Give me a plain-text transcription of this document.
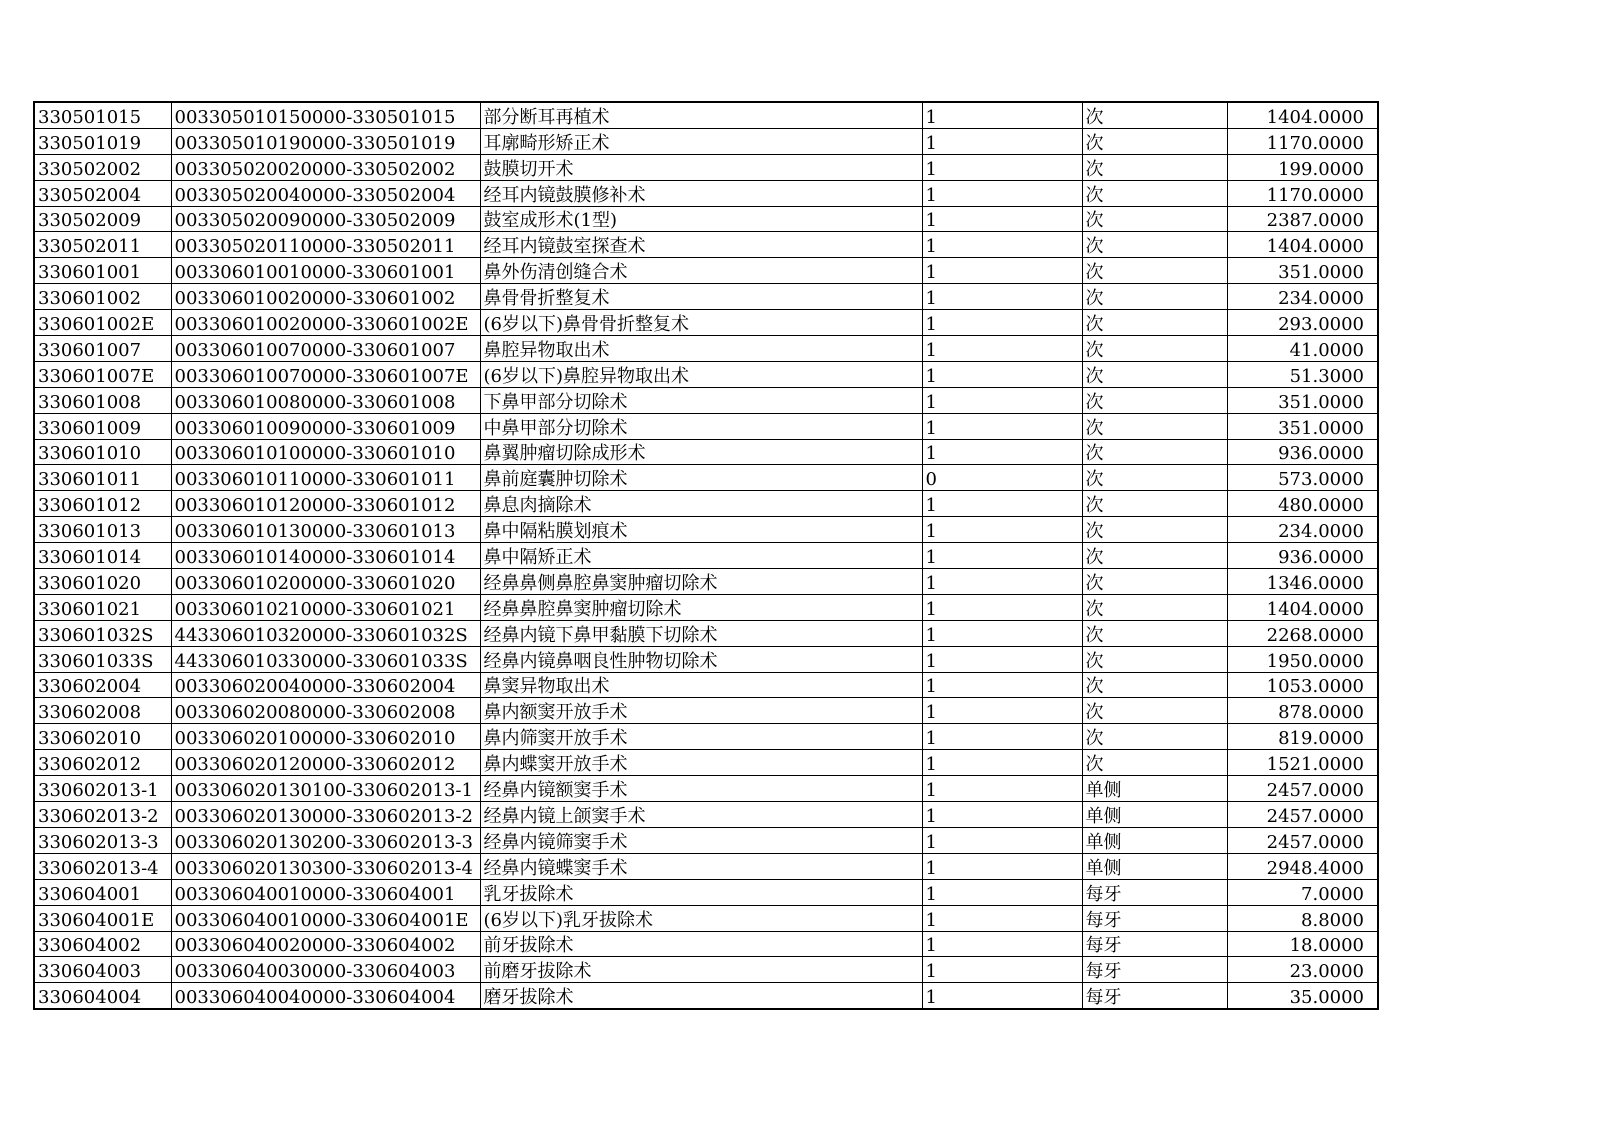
330501015	003305010150000-330501015	部分断耳再植术	1	次	1404.0000
330501019	003305010190000-330501019	耳廓畸形矫正术	1	次	1170.0000
330502002	003305020020000-330502002	鼓膜切开术	1	次	199.0000
330502004	003305020040000-330502004	经耳内镜鼓膜修补术	1	次	1170.0000
330502009	003305020090000-330502009	鼓室成形术(1型)	1	次	2387.0000
330502011	003305020110000-330502011	经耳内镜鼓室探查术	1	次	1404.0000
330601001	003306010010000-330601001	鼻外伤清创缝合术	1	次	351.0000
330601002	003306010020000-330601002	鼻骨骨折整复术	1	次	234.0000
330601002E	003306010020000-330601002E	(6岁以下)鼻骨骨折整复术	1	次	293.0000
330601007	003306010070000-330601007	鼻腔异物取出术	1	次	41.0000
330601007E	003306010070000-330601007E	(6岁以下)鼻腔异物取出术	1	次	51.3000
330601008	003306010080000-330601008	下鼻甲部分切除术	1	次	351.0000
330601009	003306010090000-330601009	中鼻甲部分切除术	1	次	351.0000
330601010	003306010100000-330601010	鼻翼肿瘤切除成形术	1	次	936.0000
330601011	003306010110000-330601011	鼻前庭囊肿切除术	0	次	573.0000
330601012	003306010120000-330601012	鼻息肉摘除术	1	次	480.0000
330601013	003306010130000-330601013	鼻中隔粘膜划痕术	1	次	234.0000
330601014	003306010140000-330601014	鼻中隔矫正术	1	次	936.0000
330601020	003306010200000-330601020	经鼻鼻侧鼻腔鼻窦肿瘤切除术	1	次	1346.0000
330601021	003306010210000-330601021	经鼻鼻腔鼻窦肿瘤切除术	1	次	1404.0000
330601032S	443306010320000-330601032S	经鼻内镜下鼻甲黏膜下切除术	1	次	2268.0000
330601033S	443306010330000-330601033S	经鼻内镜鼻咽良性肿物切除术	1	次	1950.0000
330602004	003306020040000-330602004	鼻窦异物取出术	1	次	1053.0000
330602008	003306020080000-330602008	鼻内额窦开放手术	1	次	878.0000
330602010	003306020100000-330602010	鼻内筛窦开放手术	1	次	819.0000
330602012	003306020120000-330602012	鼻内蝶窦开放手术	1	次	1521.0000
330602013-1	003306020130100-330602013-1	经鼻内镜额窦手术	1	单侧	2457.0000
330602013-2	003306020130000-330602013-2	经鼻内镜上颌窦手术	1	单侧	2457.0000
330602013-3	003306020130200-330602013-3	经鼻内镜筛窦手术	1	单侧	2457.0000
330602013-4	003306020130300-330602013-4	经鼻内镜蝶窦手术	1	单侧	2948.4000
330604001	003306040010000-330604001	乳牙拔除术	1	每牙	7.0000
330604001E	003306040010000-330604001E	(6岁以下)乳牙拔除术	1	每牙	8.8000
330604002	003306040020000-330604002	前牙拔除术	1	每牙	18.0000
330604003	003306040030000-330604003	前磨牙拔除术	1	每牙	23.0000
330604004	003306040040000-330604004	磨牙拔除术	1	每牙	35.0000
